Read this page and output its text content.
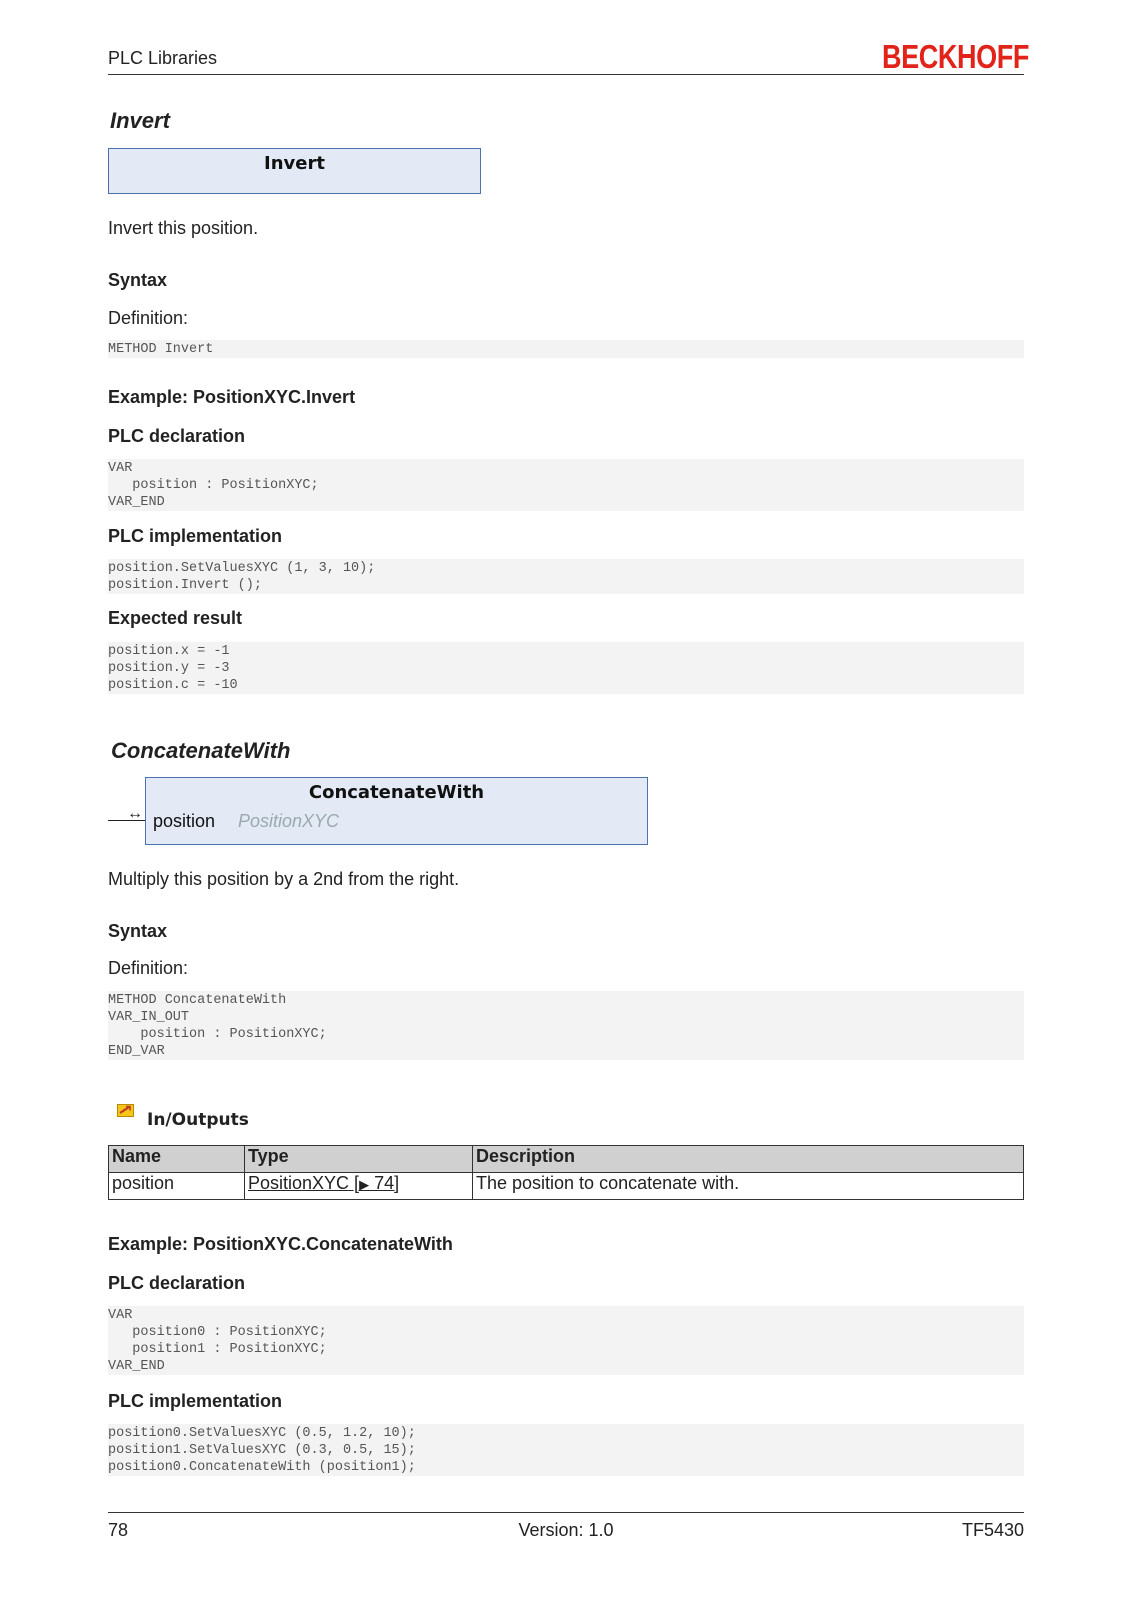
PLC Libraries	BECKHOFF
Invert
Invert
Invert this position.
Syntax
Definition:
METHOD Invert
Example: PositionXYC.Invert
PLC declaration
VAR
position : PositionXYC;
VAR_END
PLC implementation
position.SetValuesXYC (1, 3, 10);
position.Invert ();
Expected result
position.x = -1
position.y = -3
position.c = -10
ConcatenateWith
↔
ConcatenateWith
position PositionXYC
Multiply this position by a 2nd from the right.
Syntax
Definition:
METHOD ConcatenateWith
VAR_IN_OUT
position : PositionXYC;
END_VAR
In/Outputs
Name	Type	Description
position	PositionXYC [▶ 74]	The position to concatenate with.
Example: PositionXYC.ConcatenateWith
PLC declaration
VAR
position0 : PositionXYC;
position1 : PositionXYC;
VAR_END
PLC implementation
position0.SetValuesXYC (0.5, 1.2, 10);
position1.SetValuesXYC (0.3, 0.5, 15);
position0.ConcatenateWith (position1);
78	Version: 1.0	TF5430
